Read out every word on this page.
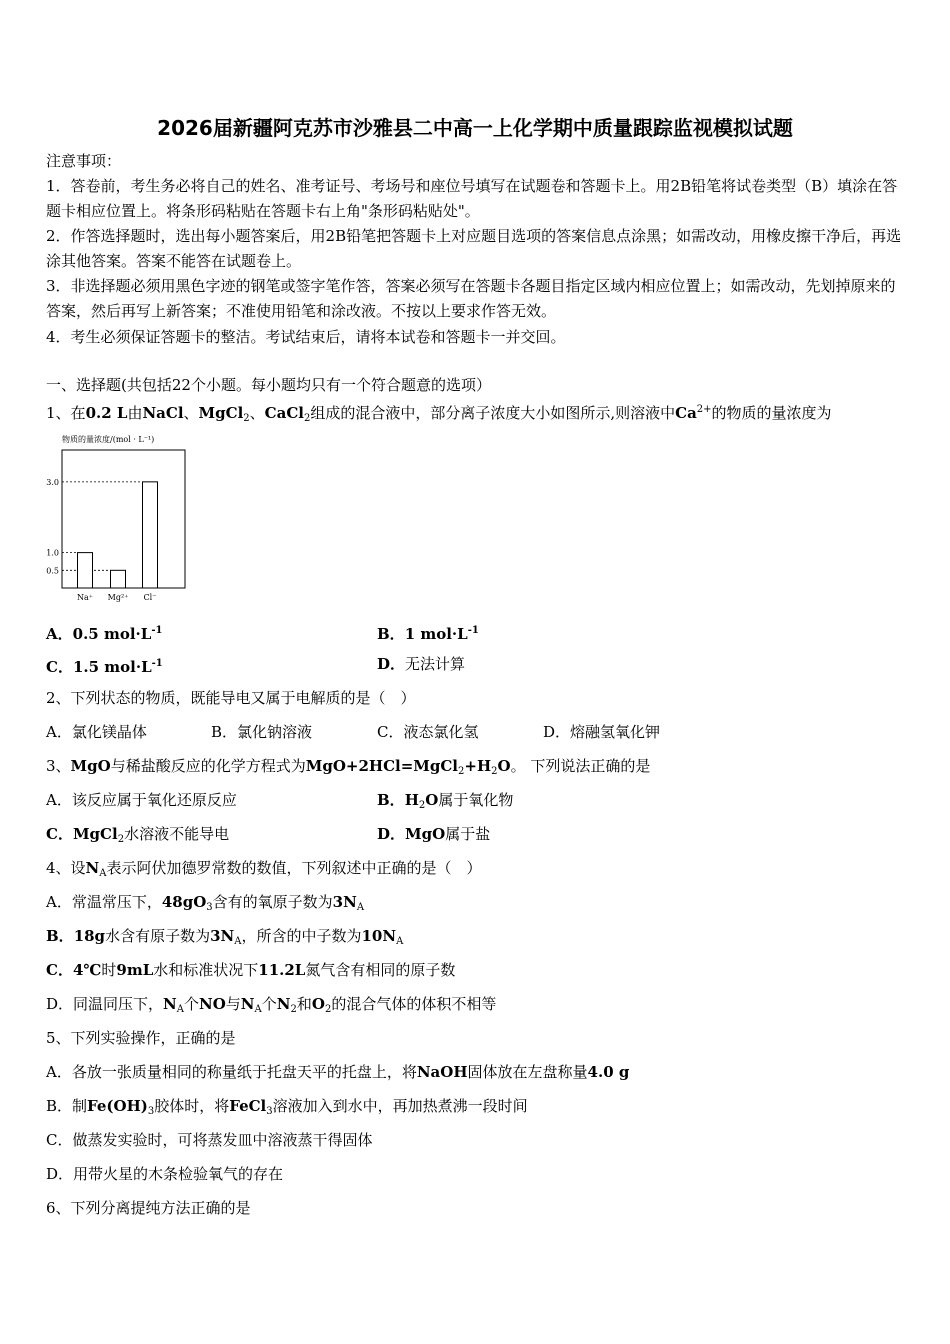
2026届新疆阿克苏市沙雅县二中高一上化学期中质量跟踪监视模拟试题
注意事项：
1．答卷前，考生务必将自己的姓名、准考证号、考场号和座位号填写在试题卷和答题卡上。用2B铅笔将试卷类型（B）填涂在答题卡相应位置上。将条形码粘贴在答题卡右上角"条形码粘贴处"。
2．作答选择题时，选出每小题答案后，用2B铅笔把答题卡上对应题目选项的答案信息点涂黑；如需改动，用橡皮擦干净后，再选涂其他答案。答案不能答在试题卷上。
3．非选择题必须用黑色字迹的钢笔或签字笔作答，答案必须写在答题卡各题目指定区域内相应位置上；如需改动，先划掉原来的答案，然后再写上新答案；不准使用铅笔和涂改液。不按以上要求作答无效。
4．考生必须保证答题卡的整洁。考试结束后，请将本试卷和答题卡一并交回。
一、选择题(共包括22个小题。每小题均只有一个符合题意的选项）
1、在0.2 L由NaCl、MgCl$_2$、CaCl$_2$组成的混合液中，部分离子浓度大小如图所示,则溶液中$Ca^{2+}$的物质的量浓度为
物质的量浓度/(mol · L⁻¹)
0.5
1.0
3.0
Na⁺ Mg²⁺ Cl⁻
A．0.5 $mol\cdot L^{-1}$	B．1 $mol\cdot L^{-1}$
C．1.5 $mol\cdot L^{-1}$	D．无法计算
2、下列状态的物质，既能导电又属于电解质的是（　）
A．氯化镁晶体	B．氯化钠溶液	C．液态氯化氢	D．熔融氢氧化钾
3、MgO与稀盐酸反应的化学方程式为$MgO+2HCl=MgCl_2+H_2O$。 下列说法正确的是
A．该反应属于氧化还原反应	B．$H_2O$属于氧化物
C．MgCl$_2$水溶液不能导电	D．MgO属于盐
4、设$N_A$表示阿伏加德罗常数的数值，下列叙述中正确的是（　）
A．常温常压下，$48gO_3$含有的氧原子数为$3N_A$
B．18g水含有原子数为$3N_A$，所含的中子数为$10N_A$
C．4℃时9mL水和标准状况下11.2L氮气含有相同的原子数
D．同温同压下，$N_A$个NO与$N_A$个$N_2$和$O_2$的混合气体的体积不相等
5、下列实验操作，正确的是
A．各放一张质量相同的称量纸于托盘天平的托盘上，将NaOH固体放在左盘称量4.0 g
B．制$Fe(OH)_3$胶体时，将FeCl$_3$溶液加入到水中，再加热煮沸一段时间
C．做蒸发实验时，可将蒸发皿中溶液蒸干得固体
D．用带火星的木条检验氧气的存在
6、下列分离提纯方法正确的是
